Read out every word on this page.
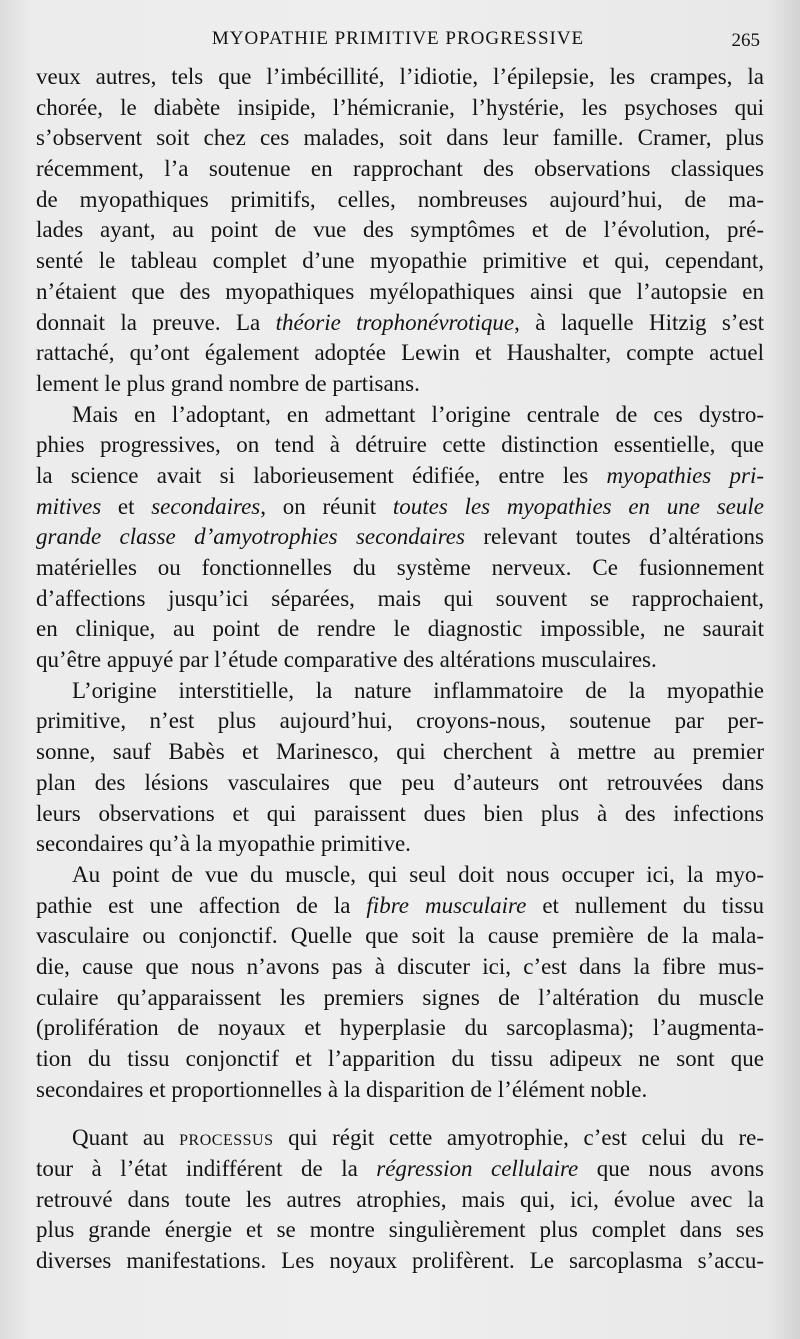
MYOPATHIE PRIMITIVE PROGRESSIVE	265
veux autres, tels que l’imbécillité, l’idiotie, l’épilepsie, les crampes, la
chorée, le diabète insipide, l’hémicranie, l’hystérie, les psychoses qui
s’observent soit chez ces malades, soit dans leur famille. Cramer, plus
récemment, l’a soutenue en rapprochant des observations classiques
de myopathiques primitifs, celles, nombreuses aujourd’hui, de ma-
lades ayant, au point de vue des symptômes et de l’évolution, pré-
senté le tableau complet d’une myopathie primitive et qui, cependant,
n’étaient que des myopathiques myélopathiques ainsi que l’autopsie en
donnait la preuve. La théorie trophonévrotique, à laquelle Hitzig s’est
rattaché, qu’ont également adoptée Lewin et Haushalter, compte actuel
lement le plus grand nombre de partisans.
Mais en l’adoptant, en admettant l’origine centrale de ces dystro-
phies progressives, on tend à détruire cette distinction essentielle, que
la science avait si laborieusement édifiée, entre les myopathies pri-
mitives et secondaires, on réunit toutes les myopathies en une seule
grande classe d’amyotrophies secondaires relevant toutes d’altérations
matérielles ou fonctionnelles du système nerveux. Ce fusionnement
d’affections jusqu’ici séparées, mais qui souvent se rapprochaient,
en clinique, au point de rendre le diagnostic impossible, ne saurait
qu’être appuyé par l’étude comparative des altérations musculaires.
L’origine interstitielle, la nature inflammatoire de la myopathie
primitive, n’est plus aujourd’hui, croyons-nous, soutenue par per-
sonne, sauf Babès et Marinesco, qui cherchent à mettre au premier
plan des lésions vasculaires que peu d’auteurs ont retrouvées dans
leurs observations et qui paraissent dues bien plus à des infections
secondaires qu’à la myopathie primitive.
Au point de vue du muscle, qui seul doit nous occuper ici, la myo-
pathie est une affection de la fibre musculaire et nullement du tissu
vasculaire ou conjonctif. Quelle que soit la cause première de la mala-
die, cause que nous n’avons pas à discuter ici, c’est dans la fibre mus-
culaire qu’apparaissent les premiers signes de l’altération du muscle
(prolifération de noyaux et hyperplasie du sarcoplasma); l’augmenta-
tion du tissu conjonctif et l’apparition du tissu adipeux ne sont que
secondaires et proportionnelles à la disparition de l’élément noble.
Quant au processus qui régit cette amyotrophie, c’est celui du re-
tour à l’état indifférent de la régression cellulaire que nous avons
retrouvé dans toute les autres atrophies, mais qui, ici, évolue avec la
plus grande énergie et se montre singulièrement plus complet dans ses
diverses manifestations. Les noyaux prolifèrent. Le sarcoplasma s’accu-
